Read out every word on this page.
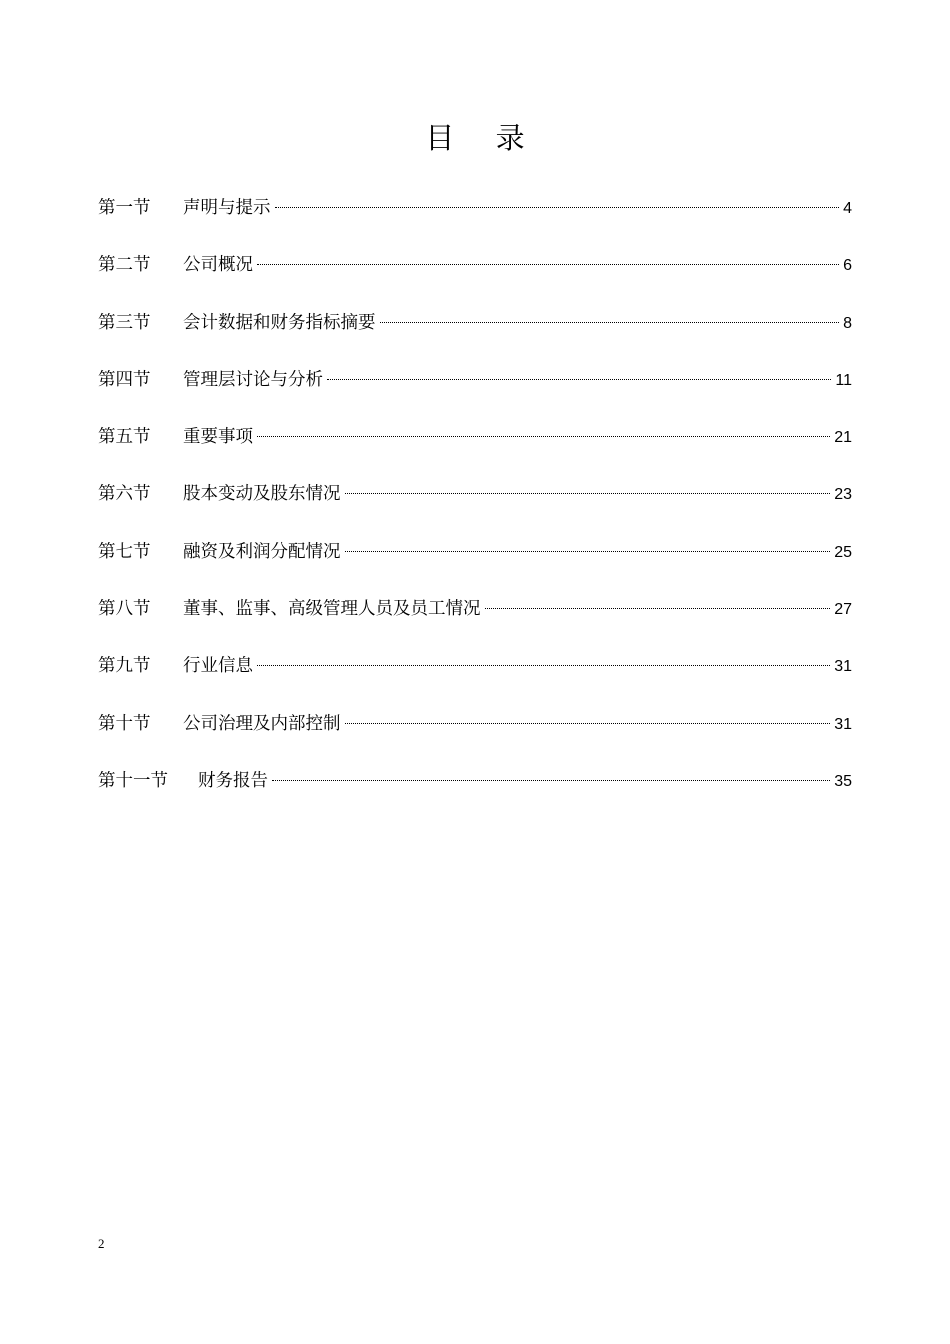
目 录
第一节	声明与提示	4
第二节	公司概况	6
第三节	会计数据和财务指标摘要	8
第四节	管理层讨论与分析	11
第五节	重要事项	21
第六节	股本变动及股东情况	23
第七节	融资及利润分配情况	25
第八节	董事、监事、高级管理人员及员工情况	27
第九节	行业信息	31
第十节	公司治理及内部控制	31
第十一节	财务报告	35
2
